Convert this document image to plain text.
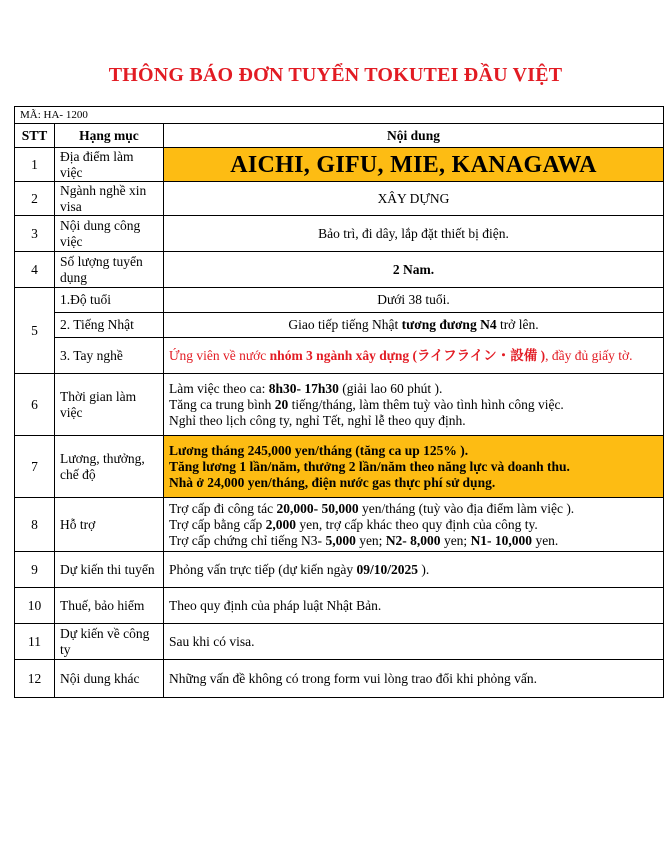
THÔNG BÁO ĐƠN TUYỂN TOKUTEI ĐẦU VIỆT
MÃ: HA- 1200		
STT	Hạng mục	Nội dung
1	Địa điểm làm việc	AICHI, GIFU, MIE, KANAGAWA
2	Ngành nghề xin visa	XÂY DỰNG
3	Nội dung công việc	Bảo trì, đi dây, lắp đặt thiết bị điện.
4	Số lượng tuyển dụng	2 Nam.
5	1.Độ tuổi	Dưới 38 tuổi.
	2. Tiếng Nhật	Giao tiếp tiếng Nhật tương đương N4 trở lên.
	3. Tay nghề	Ứng viên về nước nhóm 3 ngành xây dựng (ライフライン・設備 ), đầy đủ giấy tờ.
6	Thời gian làm việc	Làm việc theo ca: 8h30- 17h30 (giải lao 60 phút ).
Tăng ca trung bình 20 tiếng/tháng, làm thêm tuỳ vào tình hình công việc.
Nghỉ theo lịch công ty, nghỉ Tết, nghỉ lễ theo quy định.

7	Lương, thưởng, chế độ	Lương tháng 245,000 yen/tháng (tăng ca up 125% ).
Tăng lương 1 lần/năm, thưởng 2 lần/năm theo năng lực và doanh thu.
Nhà ở 24,000 yen/tháng, điện nước gas thực phí sử dụng.

8	Hỗ trợ	Trợ cấp đi công tác 20,000- 50,000 yen/tháng (tuỳ vào địa điểm làm việc ).
Trợ cấp bằng cấp 2,000 yen, trợ cấp khác theo quy định của công ty.
Trợ cấp chứng chỉ tiếng N3- 5,000 yen; N2- 8,000 yen; N1- 10,000 yen.

9	Dự kiến thi tuyển	Phỏng vấn trực tiếp (dự kiến ngày 09/10/2025 ).
10	Thuế, bảo hiểm	Theo quy định của pháp luật Nhật Bản.
11	Dự kiến về công ty	Sau khi có visa.
12	Nội dung khác	Những vấn đề không có trong form vui lòng trao đổi khi phỏng vấn.
